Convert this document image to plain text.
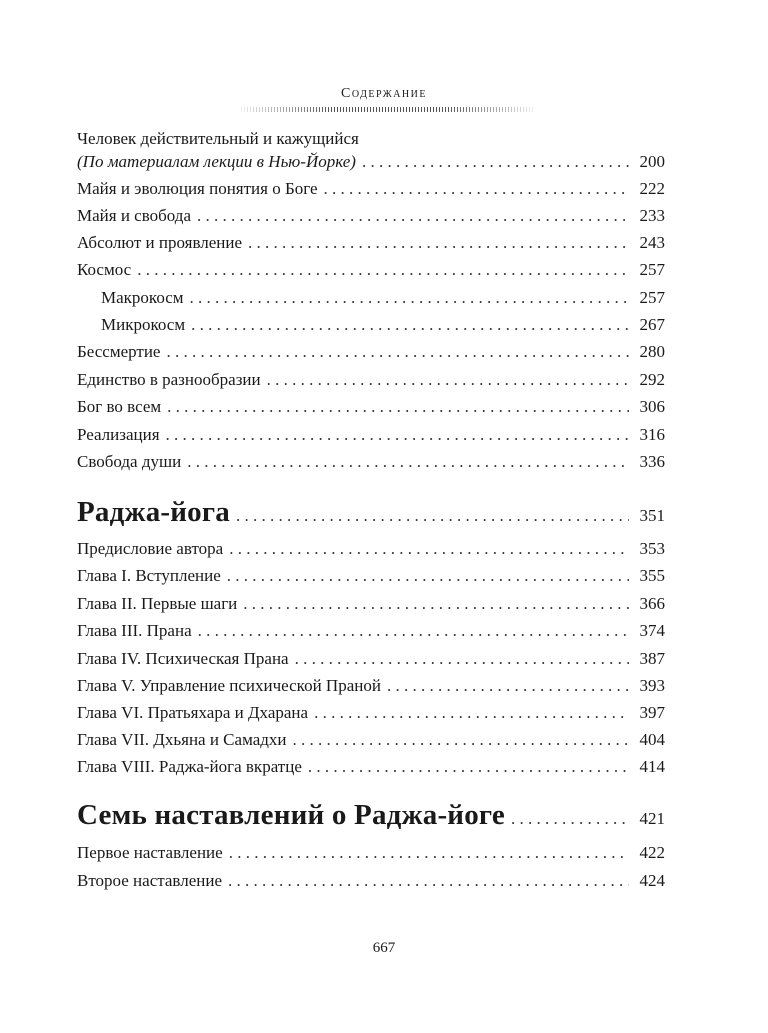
Содержание
Человек действительный и кажущийся
(По материалам лекции в Нью-Йорке) . . .	200
Майя и эволюция понятия о Боге . . .	222
Майя и свобода . . .	233
Абсолют и проявление . . .	243
Космос . . .	257
Макрокосм . . .	257
Микрокосм . . .	267
Бессмертие . . .	280
Единство в разнообразии . . .	292
Бог во всем . . .	306
Реализация . . .	316
Свобода души . . .	336
Раджа-йога . . .	351
Предисловие автора . . .	353
Глава I. Вступление . . .	355
Глава II. Первые шаги . . .	366
Глава III. Прана . . .	374
Глава IV. Психическая Прана . . .	387
Глава V. Управление психической Праной . . .	393
Глава VI. Пратьяхара и Дхарана . . .	397
Глава VII. Дхьяна и Самадхи . . .	404
Глава VIII. Раджа-йога вкратце . . .	414
Семь наставлений о Раджа-йоге . . .	421
Первое наставление . . .	422
Второе наставление . . .	424
667
